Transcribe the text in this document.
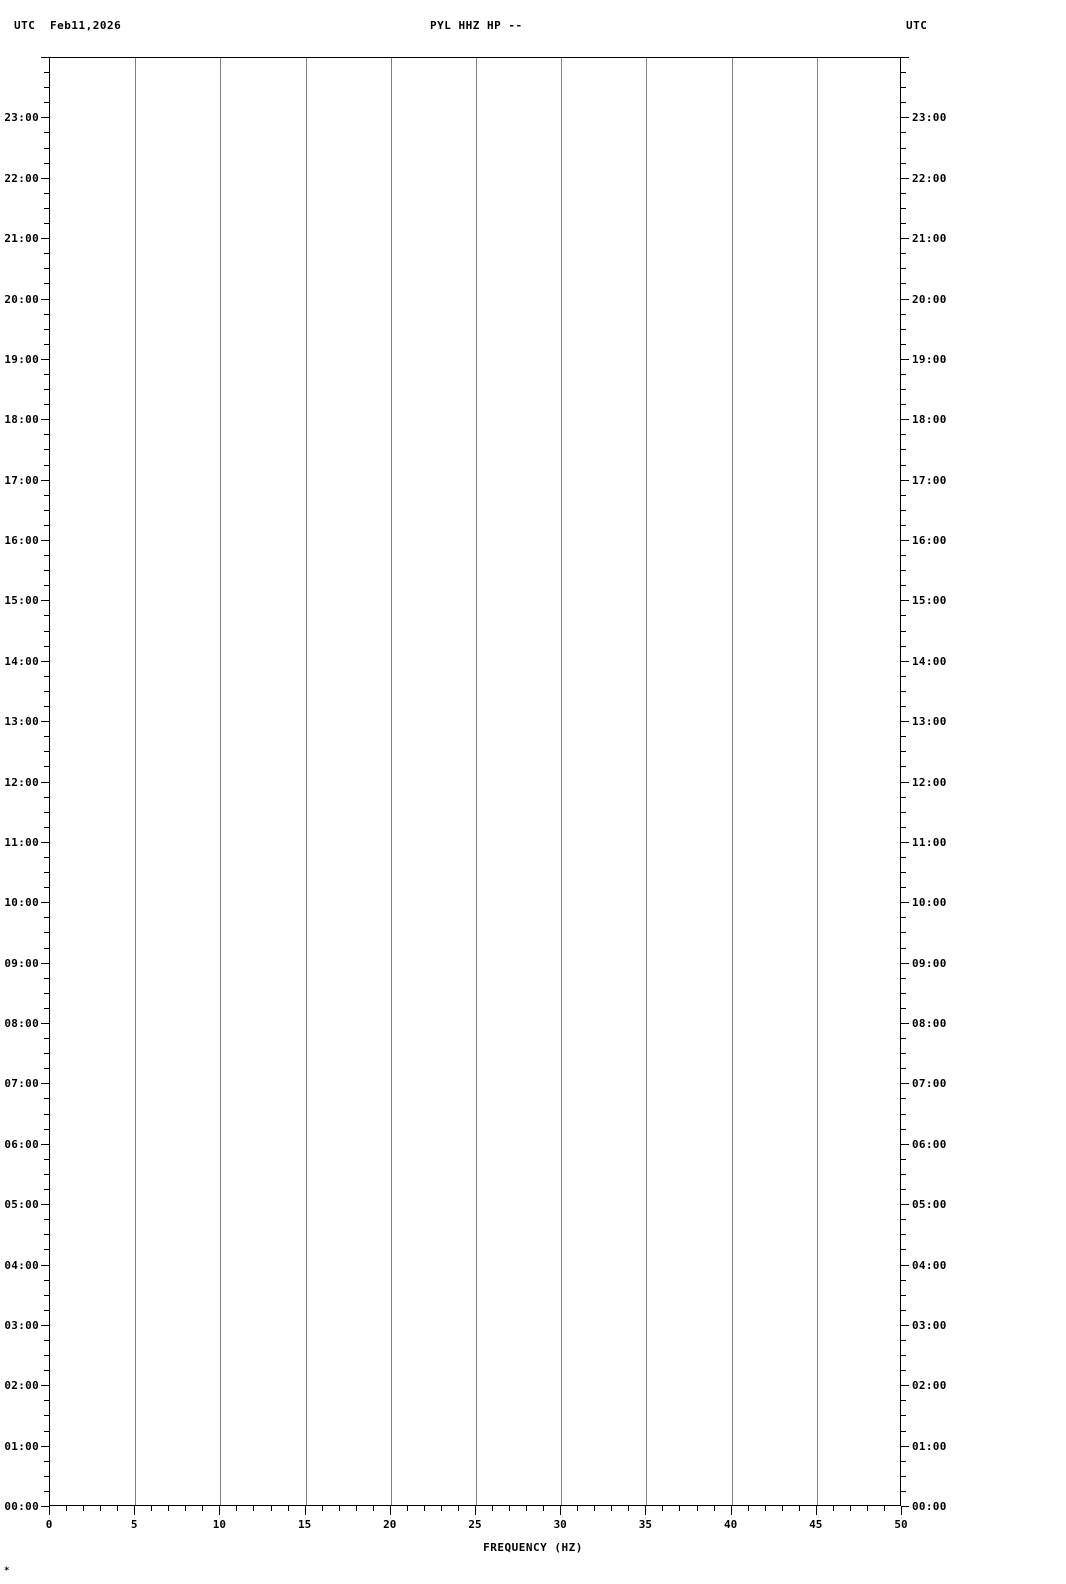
UTC Feb11,2026	PYL HHZ HP --	UTC
00:00
01:00
02:00
03:00
04:00
05:00
06:00
07:00
08:00
09:00
10:00
11:00
12:00
13:00
14:00
15:00
16:00
17:00
18:00
19:00
20:00
21:00
22:00
23:00
00:00
01:00
02:00
03:00
04:00
05:00
06:00
07:00
08:00
09:00
10:00
11:00
12:00
13:00
14:00
15:00
16:00
17:00
18:00
19:00
20:00
21:00
22:00
23:00
0	5	10	15	20	25	30	35	40	45	50
FREQUENCY (HZ)
*
